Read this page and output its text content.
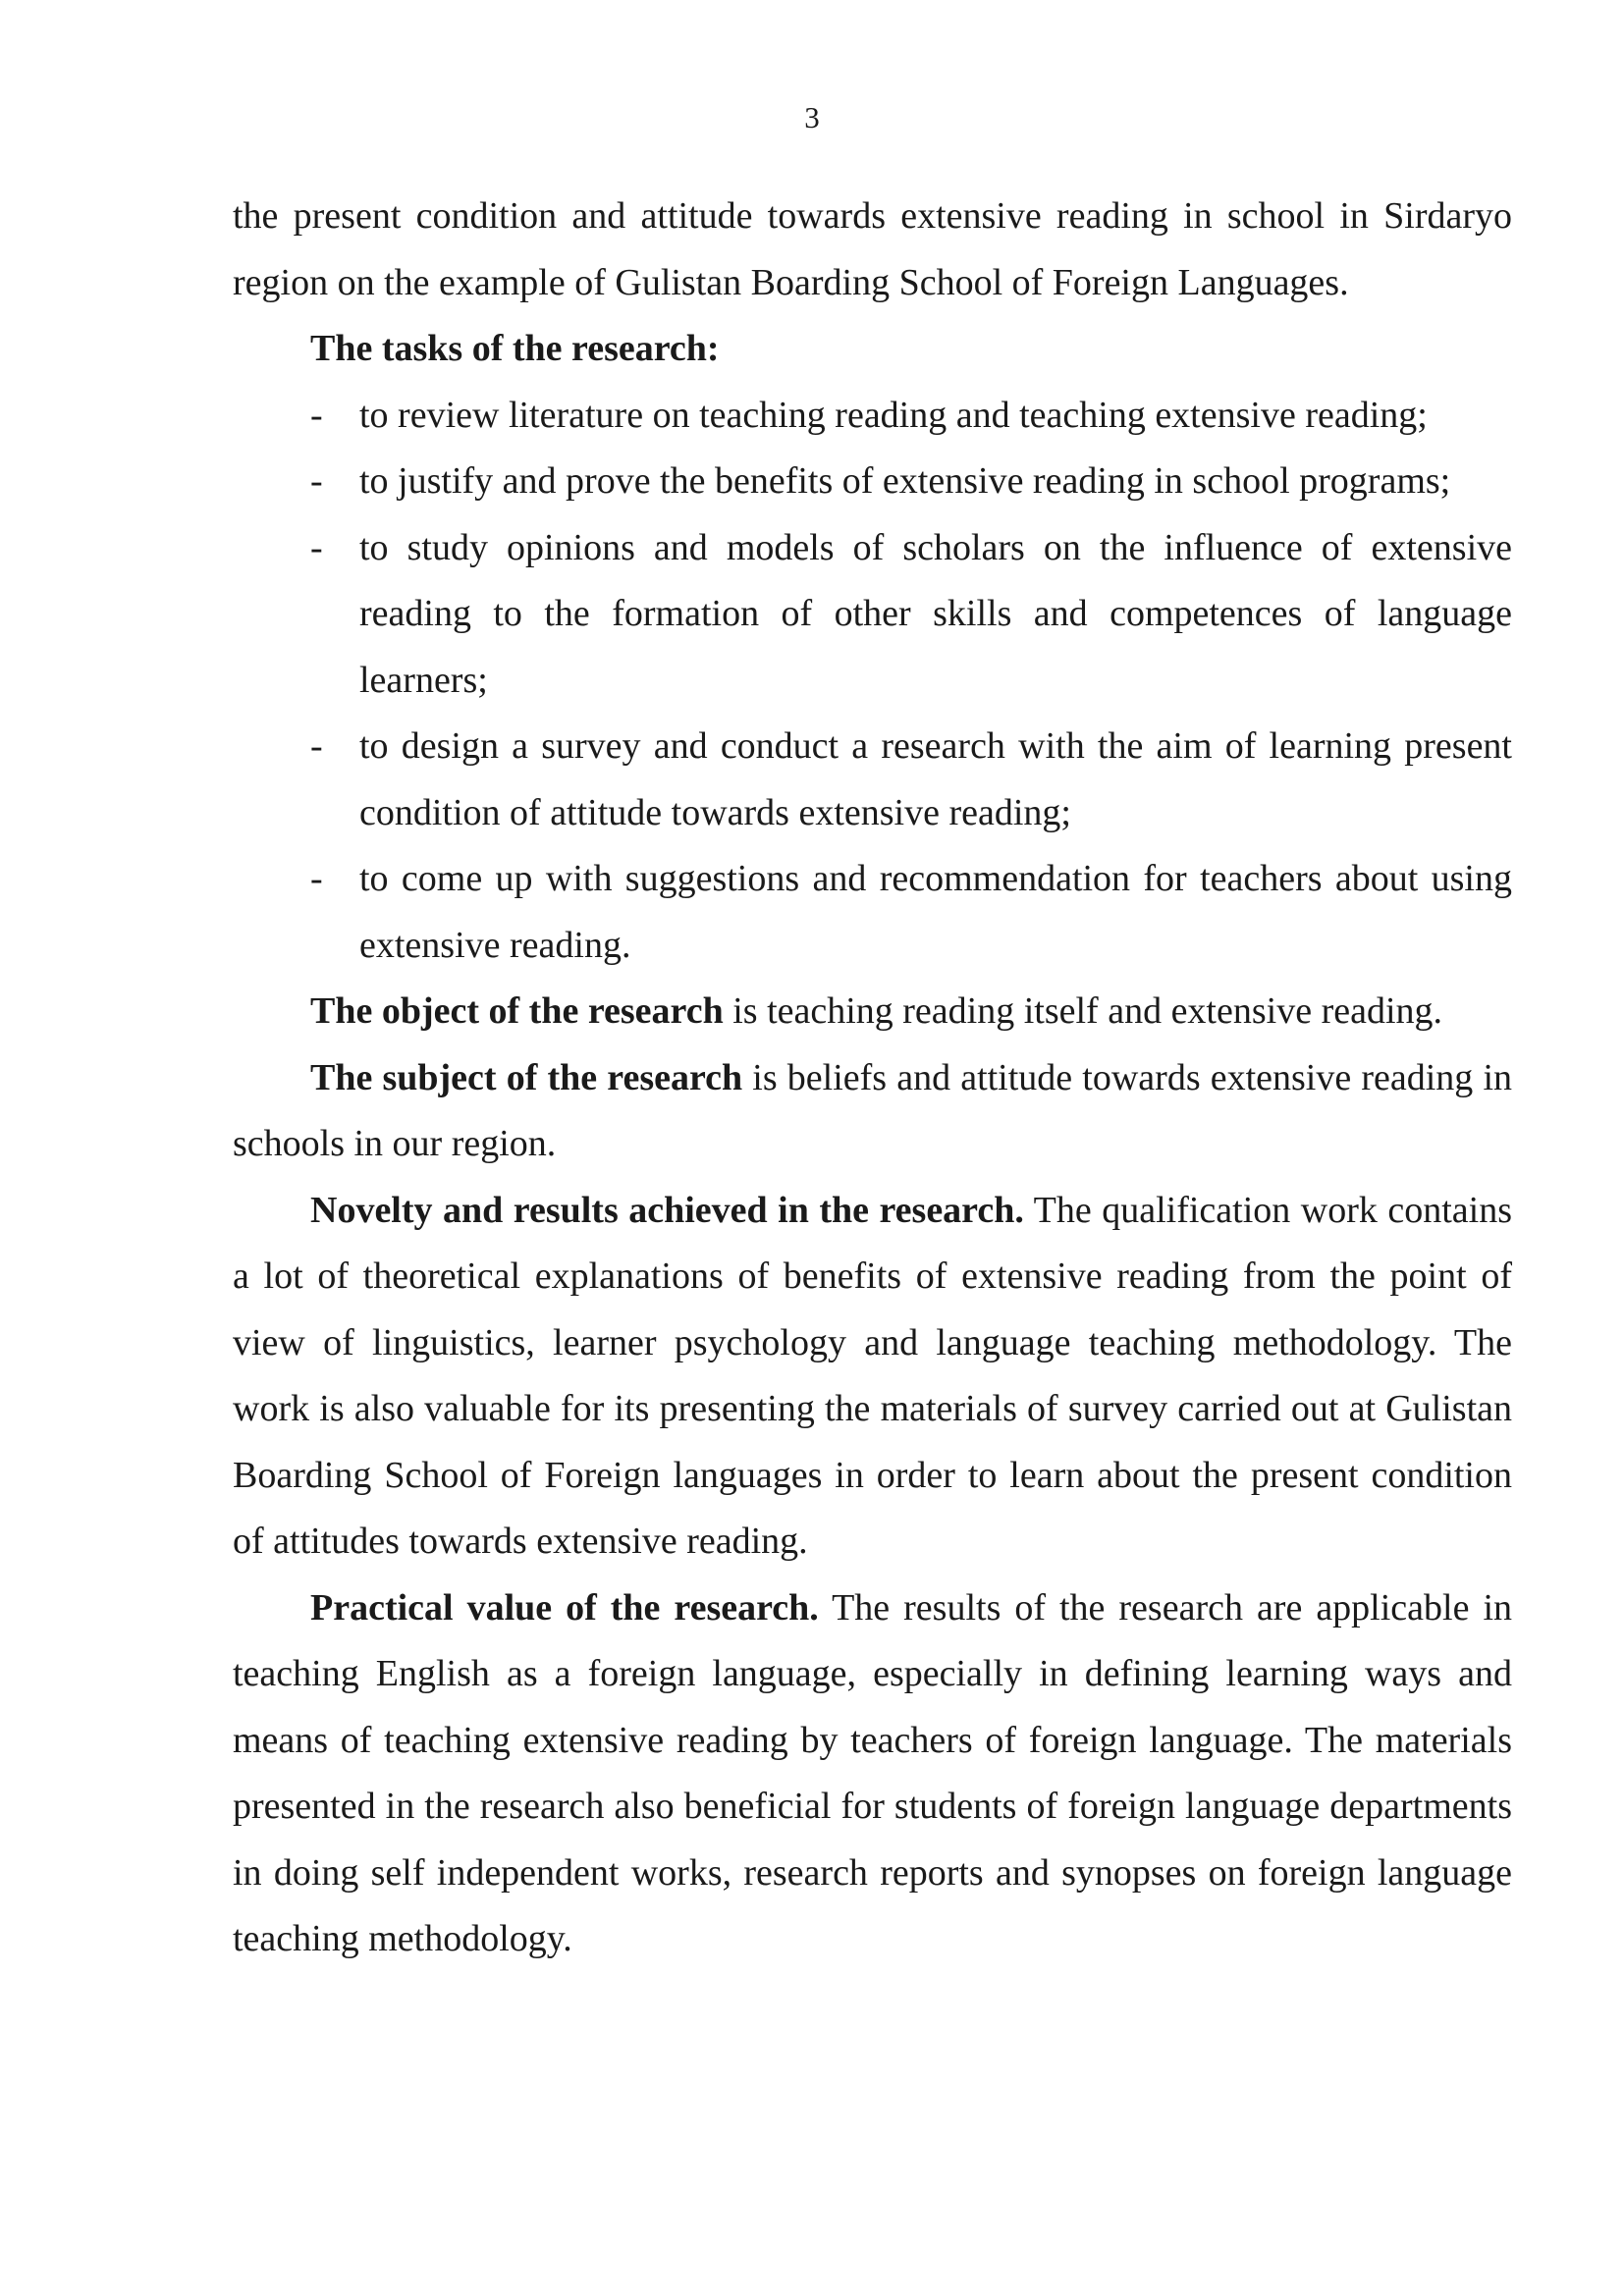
3

the present condition and attitude towards extensive reading in school in Sirdaryo region on the example of Gulistan Boarding School of Foreign Languages.

The tasks of the research:

- to review literature on teaching reading and teaching extensive reading;
- to justify and prove the benefits of extensive reading in school programs;
- to study opinions and models of scholars on the influence of extensive reading to the formation of other skills and competences of language learners;
- to design a survey and conduct a research with the aim of learning present condition of attitude towards extensive reading;
- to come up with suggestions and recommendation for teachers about using extensive reading.

The object of the research is teaching reading itself and extensive reading.

The subject of the research is beliefs and attitude towards extensive reading in schools in our region.

Novelty and results achieved in the research. The qualification work contains a lot of theoretical explanations of benefits of extensive reading from the point of view of linguistics, learner psychology and language teaching methodology. The work is also valuable for its presenting the materials of survey carried out at Gulistan Boarding School of Foreign languages in order to learn about the present condition of attitudes towards extensive reading.

Practical value of the research. The results of the research are applicable in teaching English as a foreign language, especially in defining learning ways and means of teaching extensive reading by teachers of foreign language. The materials presented in the research also beneficial for students of foreign language departments in doing self independent works, research reports and synopses on foreign language teaching methodology.
